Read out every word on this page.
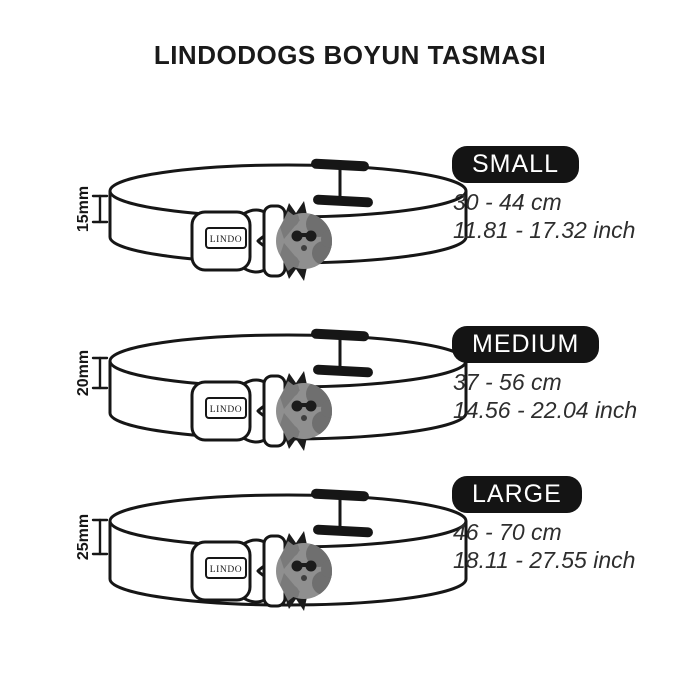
LINDODOGS BOYUN TASMASI
15mm
LINDO
SMALL
30 - 44 cm
11.81 - 17.32 inch
20mm
LINDO
MEDIUM
37 - 56 cm
14.56 - 22.04 inch
25mm
LINDO
LARGE
46 - 70 cm
18.11 - 27.55 inch
